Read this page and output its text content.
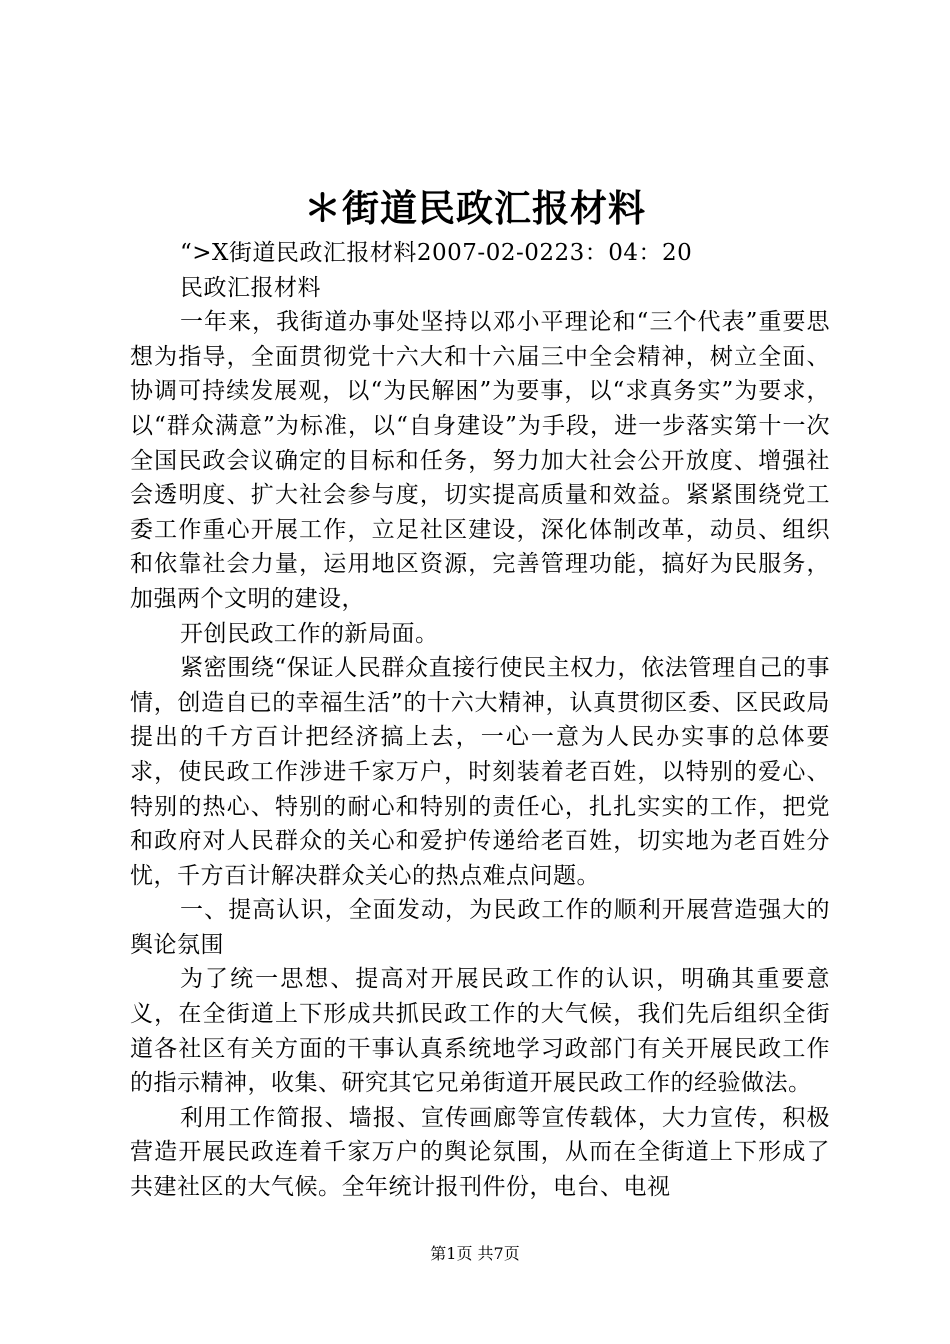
＊街道民政汇报材料

“>X街道民政汇报材料2007-02-0223：04：20

民政汇报材料

一年来，我街道办事处坚持以邓小平理论和“三个代表”重要思想为指导，全面贯彻党十六大和十六届三中全会精神，树立全面、协调可持续发展观，以“为民解困”为要事，以“求真务实”为要求，以“群众满意”为标准，以“自身建设”为手段，进一步落实第十一次全国民政会议确定的目标和任务，努力加大社会公开放度、增强社会透明度、扩大社会参与度，切实提高质量和效益。紧紧围绕党工委工作重心开展工作，立足社区建设，深化体制改革，动员、组织和依靠社会力量，运用地区资源，完善管理功能，搞好为民服务，加强两个文明的建设，

开创民政工作的新局面。

紧密围绕“保证人民群众直接行使民主权力，依法管理自己的事情，创造自已的幸福生活”的十六大精神，认真贯彻区委、区民政局提出的千方百计把经济搞上去，一心一意为人民办实事的总体要求，使民政工作涉进千家万户，时刻装着老百姓，以特别的爱心、特别的热心、特别的耐心和特别的责任心，扎扎实实的工作，把党和政府对人民群众的关心和爱护传递给老百姓，切实地为老百姓分忧，千方百计解决群众关心的热点难点问题。

一、提高认识，全面发动，为民政工作的顺利开展营造强大的舆论氛围

为了统一思想、提高对开展民政工作的认识，明确其重要意义，在全街道上下形成共抓民政工作的大气候，我们先后组织全街道各社区有关方面的干事认真系统地学习政部门有关开展民政工作的指示精神，收集、研究其它兄弟街道开展民政工作的经验做法。

利用工作简报、墙报、宣传画廊等宣传载体，大力宣传，积极营造开展民政连着千家万户的舆论氛围，从而在全街道上下形成了共建社区的大气候。全年统计报刊件份，电台、电视

第1页 共7页
